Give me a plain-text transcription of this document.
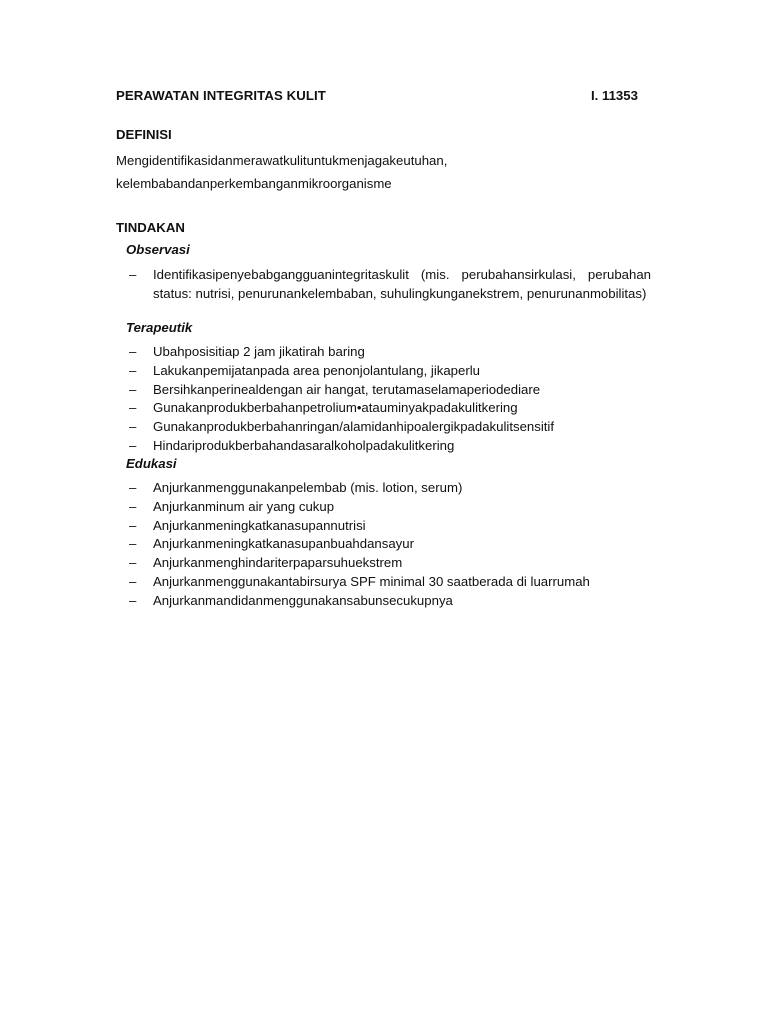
PERAWATAN INTEGRITAS KULIT	I. 11353
DEFINISI
Mengidentifikasidanmerawatkulituntukmenjagakeutuhan,
kelembabandanperkembanganmikroorganisme
TINDAKAN
Observasi
– Identifikasipenyebabgangguanintegritaskulit (mis. perubahansirkulasi, perubahan status: nutrisi, penurunankelembaban, suhulingkunganekstrem, penurunanmobilitas)
Terapeutik
– Ubahposisitiap 2 jam jikatirah baring
– Lakukanpemijatanpada area penonjolantulang, jikaperlu
– Bersihkanperinealdengan air hangat, terutamaselamaperiodediare
– Gunakanprodukberbahanpetrolium•atauminyakpadakulitkering
– Gunakanprodukberbahanringan/alamidanhipoalergikpadakulitsensitif
– Hindariprodukberbahandasaralkoholpadakulitkering
Edukasi
– Anjurkanmenggunakanpelembab (mis. lotion, serum)
– Anjurkanminum air yang cukup
– Anjurkanmeningkatkanasupannutrisi
– Anjurkanmeningkatkanasupanbuahdansayur
– Anjurkanmenghindariterpaparsuhuekstrem
– Anjurkanmenggunakantabirsurya SPF minimal 30 saatberada di luarrumah
– Anjurkanmandidanmenggunakansabunsecukupnya
